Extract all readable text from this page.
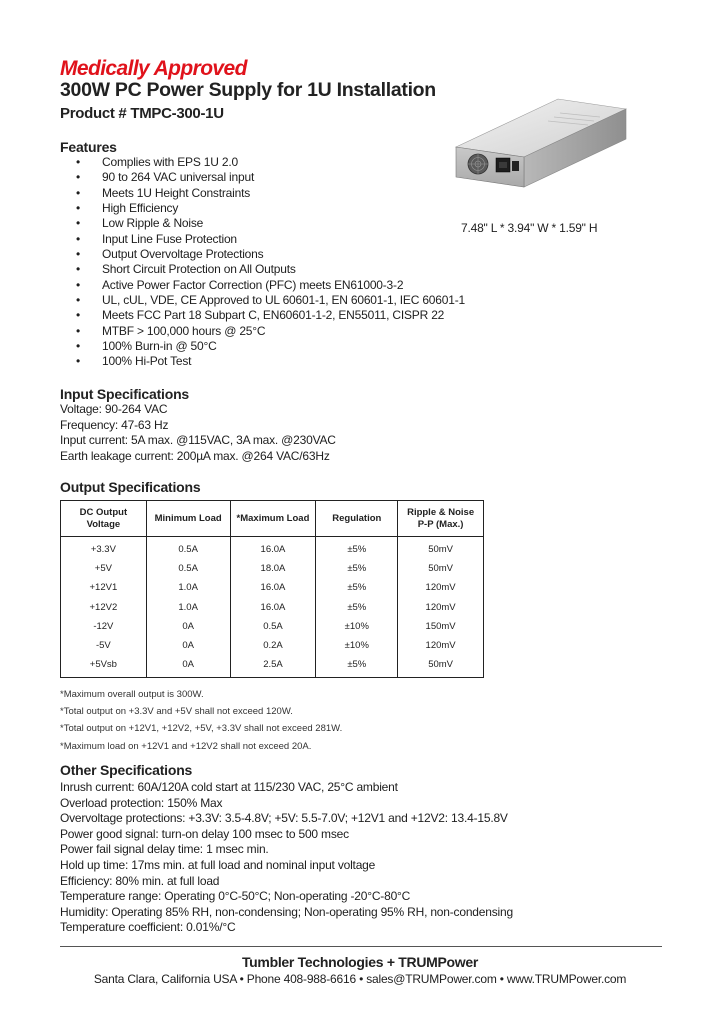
Medically Approved
300W PC Power Supply for 1U Installation
Product # TMPC-300-1U
7.48" L * 3.94" W * 1.59" H
Features
• Complies with EPS 1U 2.0
• 90 to 264 VAC universal input
• Meets 1U Height Constraints
• High Efficiency
• Low Ripple & Noise
• Input Line Fuse Protection
• Output Overvoltage Protections
• Short Circuit Protection on All Outputs
• Active Power Factor Correction (PFC) meets EN61000-3-2
• UL, cUL, VDE, CE Approved to UL 60601-1, EN 60601-1, IEC 60601-1
• Meets FCC Part 18 Subpart C, EN60601-1-2, EN55011, CISPR 22
• MTBF > 100,000 hours @ 25°C
• 100% Burn-in @ 50°C
• 100% Hi-Pot Test
Input Specifications
Voltage: 90-264 VAC
Frequency: 47-63 Hz
Input current: 5A max. @115VAC, 3A max. @230VAC
Earth leakage current: 200µA max. @264 VAC/63Hz
Output Specifications
DC Output
Voltage	Minimum Load	*Maximum Load	Regulation	Ripple & Noise
P-P (Max.)
+3.3V	0.5A	16.0A	±5%	50mV
+5V	0.5A	18.0A	±5%	50mV
+12V1	1.0A	16.0A	±5%	120mV
+12V2	1.0A	16.0A	±5%	120mV
-12V	0A	0.5A	±10%	150mV
-5V	0A	0.2A	±10%	120mV
+5Vsb	0A	2.5A	±5%	50mV
*Maximum overall output is 300W.
*Total output on +3.3V and +5V shall not exceed 120W.
*Total output on +12V1, +12V2, +5V, +3.3V shall not exceed 281W.
*Maximum load on +12V1 and +12V2 shall not exceed 20A.
Other Specifications
Inrush current: 60A/120A cold start at 115/230 VAC, 25°C ambient
Overload protection: 150% Max
Overvoltage protections: +3.3V: 3.5-4.8V; +5V: 5.5-7.0V; +12V1 and +12V2: 13.4-15.8V
Power good signal: turn-on delay 100 msec to 500 msec
Power fail signal delay time: 1 msec min.
Hold up time: 17ms min. at full load and nominal input voltage
Efficiency: 80% min. at full load
Temperature range: Operating 0°C-50°C; Non-operating -20°C-80°C
Humidity: Operating 85% RH, non-condensing; Non-operating 95% RH, non-condensing
Temperature coefficient: 0.01%/°C
Tumbler Technologies + TRUMPower
Santa Clara, California USA • Phone 408-988-6616 • sales@TRUMPower.com • www.TRUMPower.com
